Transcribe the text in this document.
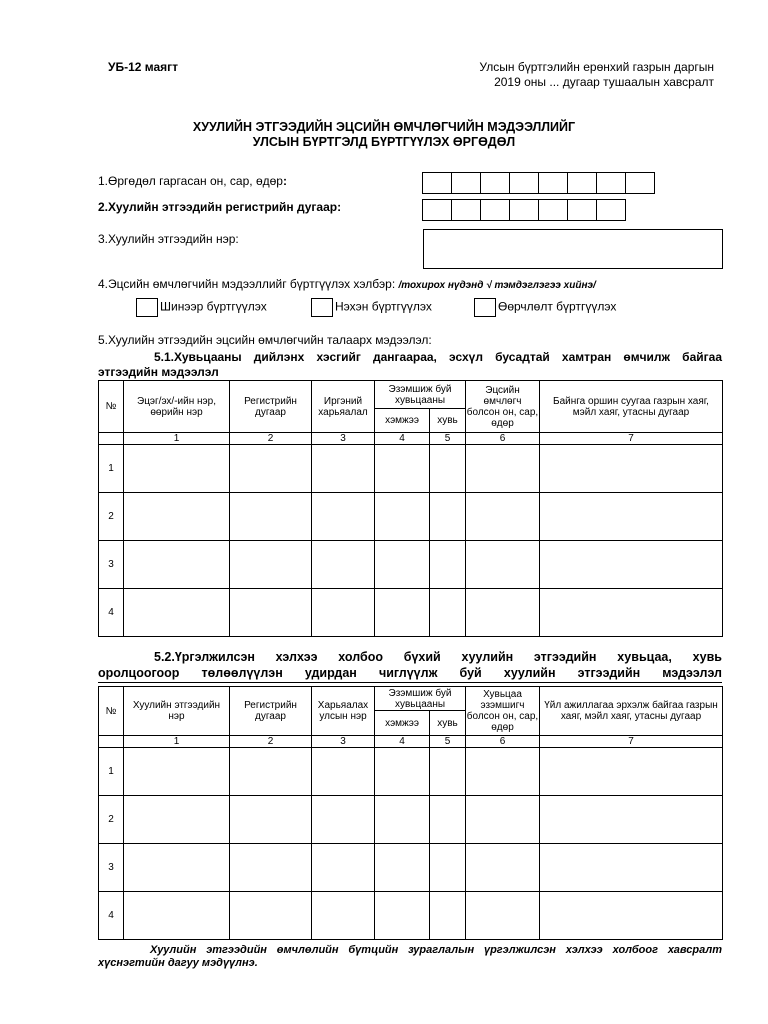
УБ-12 маягт	Улсын бүртгэлийн ерөнхий газрын даргын
2019 оны ... дугаар тушаалын хавсралт
ХУУЛИЙН ЭТГЭЭДИЙН ЭЦСИЙН ӨМЧЛӨГЧИЙН МЭДЭЭЛЛИЙГ
УЛСЫН БҮРТГЭЛД БҮРТГҮҮЛЭХ ӨРГӨДӨЛ
1.Өргөдөл гаргасан он, сар, өдөр:
2.Хуулийн этгээдийн регистрийн дугаар:
3.Хуулийн этгээдийн нэр:
4.Эцсийн өмчлөгчийн мэдээллийг бүртгүүлэх хэлбэр: /тохирох нүдэнд √ тэмдэглэгээ хийнэ/
Шинээр бүртгүүлэх	Нэхэн бүртгүүлэх	Өөрчлөлт бүртгүүлэх
5.Хуулийн этгээдийн эцсийн өмчлөгчийн талаарх мэдээлэл:
5.1.Хувьцааны дийлэнх хэсгийг дангаараа, эсхүл бусадтай хамтран өмчилж байгаа
этгээдийн мэдээлэл
№	Эцэг/эх/-ийн нэр, өөрийн нэр	Регистрийн дугаар	Иргэний харьяалал	Эзэмшиж буй хувьцааны		Эцсийн өмчлөгч болсон он, сар, өдөр	Байнга оршин суугаа газрын хаяг, мэйл хаяг, утасны дугаар
				хэмжээ	хувь		
	1	2	3	4	5	6	7
1							
2							
3							
4							
5.2.Үргэлжилсэн хэлхээ холбоо бүхий хуулийн этгээдийн хувьцаа, хувь
оролцоогоор төлөөлүүлэн удирдан чиглүүлж буй хуулийн этгээдийн мэдээлэл
№	Хуулийн этгээдийн нэр	Регистрийн дугаар	Харьяалах улсын нэр	Эзэмшиж буй хувьцааны		Хувьцаа эзэмшигч болсон он, сар, өдөр	Үйл ажиллагаа эрхэлж байгаа газрын хаяг, мэйл хаяг, утасны дугаар
				хэмжээ	хувь		
	1	2	3	4	5	6	7
1							
2							
3							
4							
Хуулийн этгээдийн өмчлөлийн бүтцийн зураглалын үргэлжилсэн хэлхээ холбоог хавсралт
хүснэгтийн дагуу мэдүүлнэ.
